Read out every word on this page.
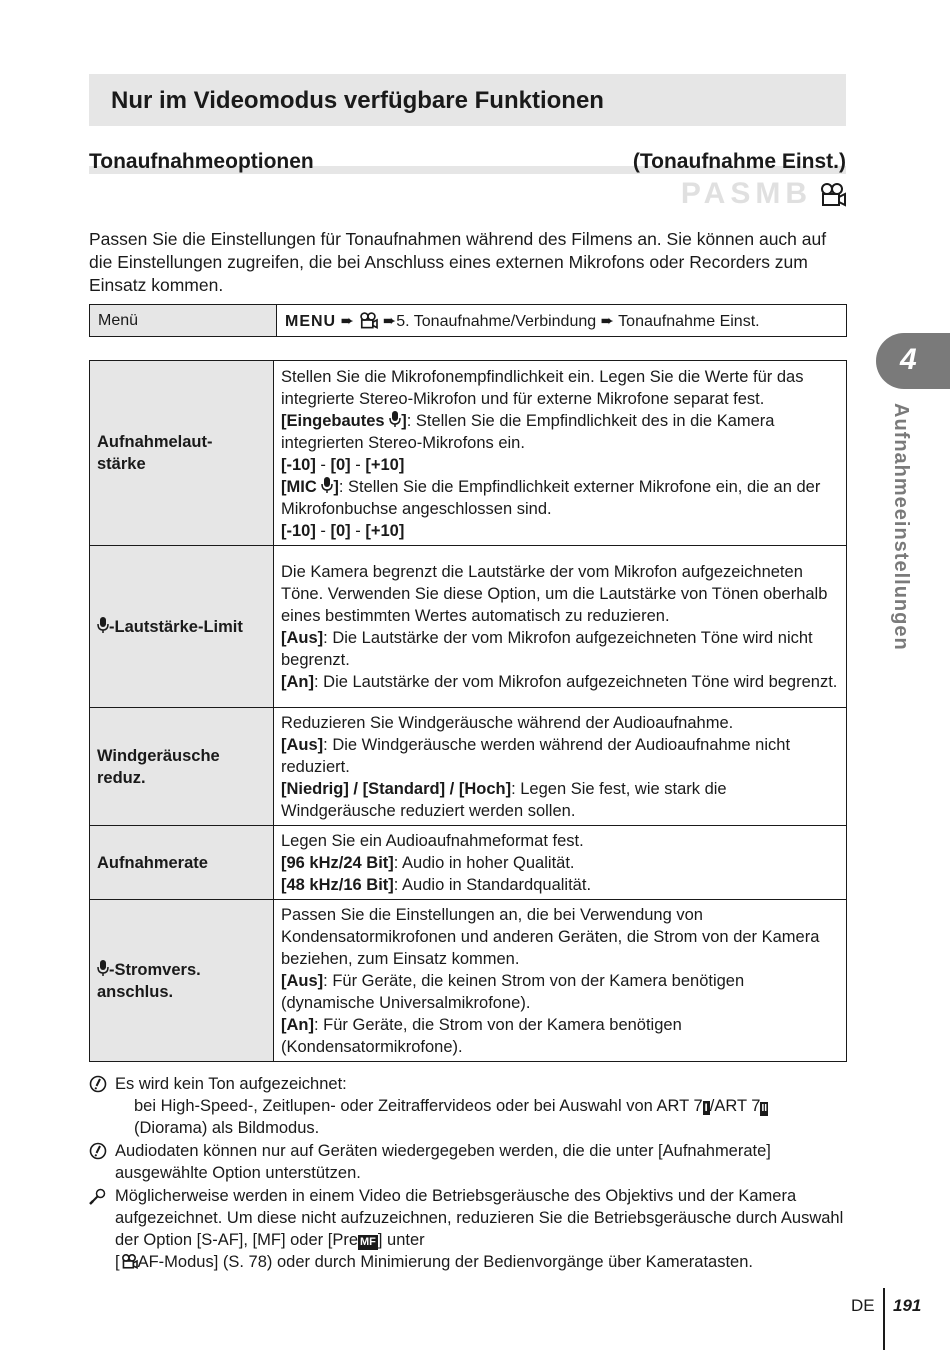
Nur im Videomodus verfügbare Funktionen
Tonaufnahmeoptionen	(Tonaufnahme Einst.)
PASMB

Passen Sie die Einstellungen für Tonaufnahmen während des Filmens an. Sie können auch auf die Einstellungen zugreifen, die bei Anschluss eines externen Mikrofons oder Recorders zum Einsatz kommen.

Menü	MENU ➨ ➨5. Tonaufnahme/Verbindung ➨ Tonaufnahme Einst.
Aufnahmelaut-
stärke	Stellen Sie die Mikrofonempfindlichkeit ein. Legen Sie die Werte für das integrierte Stereo-Mikrofon und für externe Mikrofone separat fest.
[Eingebautes ]: Stellen Sie die Empfindlichkeit des in die Kamera integrierten Stereo-Mikrofons ein.
[-10] - [0] - [+10]
[MIC ]: Stellen Sie die Empfindlichkeit externer Mikrofone ein, die an der Mikrofonbuchse angeschlossen sind.
[-10] - [0] - [+10]

-Lautstärke-Limit	Die Kamera begrenzt die Lautstärke der vom Mikrofon aufgezeichneten Töne. Verwenden Sie diese Option, um die Lautstärke von Tönen oberhalb eines bestimmten Wertes automatisch zu reduzieren.
[Aus]: Die Lautstärke der vom Mikrofon aufgezeichneten Töne wird nicht begrenzt.
[An]: Die Lautstärke der vom Mikrofon aufgezeichneten Töne wird begrenzt.

Windgeräusche
reduz.	Reduzieren Sie Windgeräusche während der Audioaufnahme.
[Aus]: Die Windgeräusche werden während der Audioaufnahme nicht reduziert.
[Niedrig] / [Standard] / [Hoch]: Legen Sie fest, wie stark die Windgeräusche reduziert werden sollen.

Aufnahmerate	Legen Sie ein Audioaufnahmeformat fest.
[96 kHz/24 Bit]: Audio in hoher Qualität.
[48 kHz/16 Bit]: Audio in Standardqualität.

-Stromvers.
anschlus.	Passen Sie die Einstellungen an, die bei Verwendung von Kondensatormikrofonen und anderen Geräten, die Strom von der Kamera beziehen, zum Einsatz kommen.
[Aus]: Für Geräte, die keinen Strom von der Kamera benötigen (dynamische Universalmikrofone).
[An]: Für Geräte, die Strom von der Kamera benötigen (Kondensatormikrofone).
Es wird kein Ton aufgezeichnet:
bei High-Speed-, Zeitlupen- oder Zeitraffervideos oder bei Auswahl von ART 7 I /ART 7II
(Diorama) als Bildmodus.
Audiodaten können nur auf Geräten wiedergegeben werden, die die unter [Aufnahmerate] ausgewählte Option unterstützen.
Möglicherweise werden in einem Video die Betriebsgeräusche des Objektivs und der Kamera aufgezeichnet. Um diese nicht aufzuzeichnen, reduzieren Sie die Betriebsgeräusche durch Auswahl der Option [S-AF], [MF] oder [Pre MF ] unter
[ AF-Modus] (S. 78) oder durch Minimierung der Bedienvorgänge über Kameratasten.
4
Aufnahmeeinstellungen
DE 191
